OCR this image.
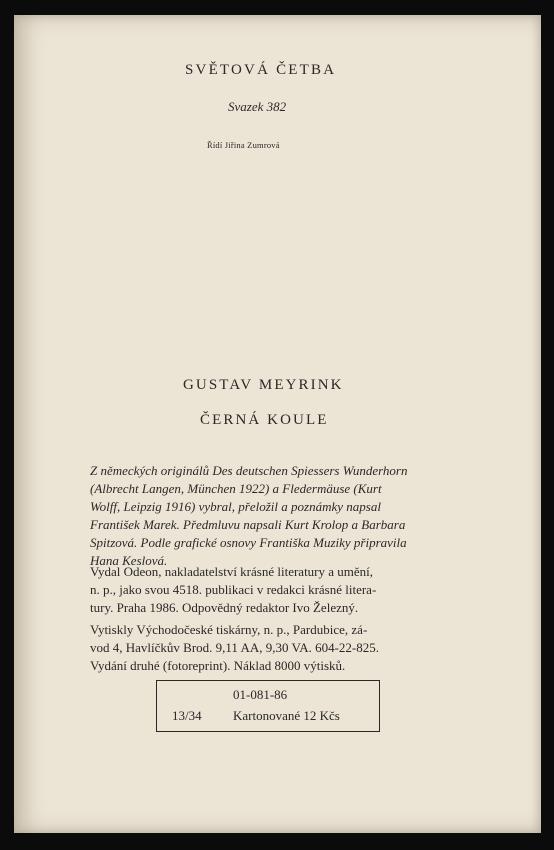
SVĚTOVÁ ČETBA
Svazek 382
Řídí Jiřina Zumrová
GUSTAV MEYRINK
ČERNÁ KOULE
Z německých originálů Des deutschen Spiessers Wunderhorn
(Albrecht Langen, München 1922) a Fledermäuse (Kurt
Wolff, Leipzig 1916) vybral, přeložil a poznámky napsal
František Marek. Předmluvu napsali Kurt Krolop a Barbara
Spitzová. Podle grafické osnovy Františka Muziky připravila
Hana Keslová.
Vydal Odeon, nakladatelství krásné literatury a umění,
n. p., jako svou 4518. publikaci v redakci krásné litera-
tury. Praha 1986. Odpovědný redaktor Ivo Železný.
Vytiskly Východočeské tiskárny, n. p., Pardubice, zá-
vod 4, Havlíčkův Brod. 9,11 AA, 9,30 VA. 604-22-825.
Vydání druhé (fotoreprint). Náklad 8000 výtisků.
01-081-86
13/34 Kartonované 12 Kčs
